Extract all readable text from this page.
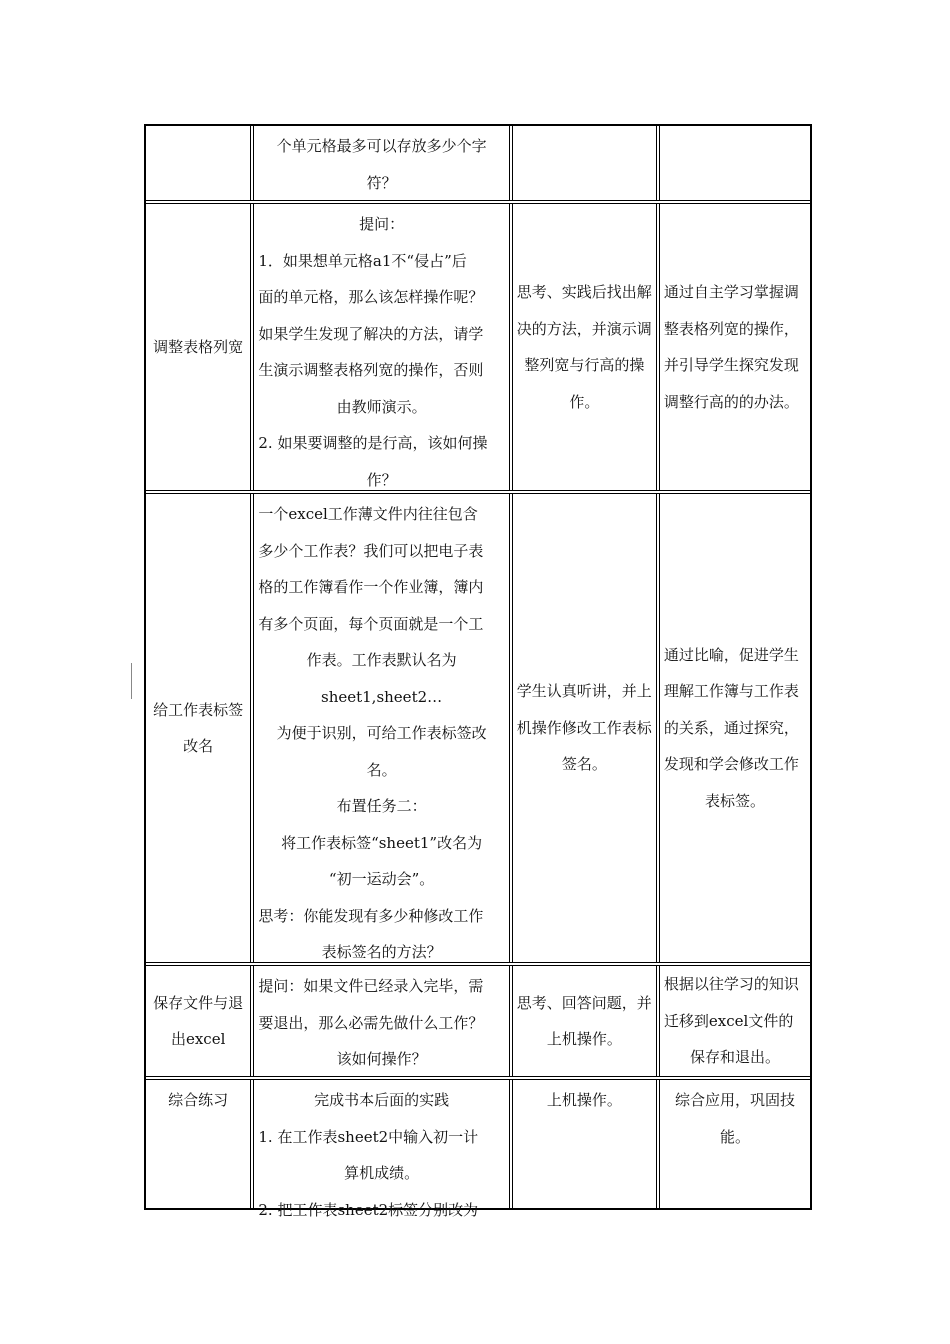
个单元格最多可以存放多少个字
符？
调整表格列宽
提问：
1．如果想单元格a1不“侵占”后
面的单元格，那么该怎样操作呢？
如果学生发现了解决的方法，请学
生演示调整表格列宽的操作，否则
由教师演示。
2. 如果要调整的是行高，该如何操
作？
思考、实践后找出解
决的方法，并演示调
整列宽与行高的操
作。
通过自主学习掌握调
整表格列宽的操作，
并引导学生探究发现
调整行高的的办法。
给工作表标签
改名
一个excel工作薄文件内往往包含
多少个工作表？我们可以把电子表
格的工作簿看作一个作业簿，簿内
有多个页面，每个页面就是一个工
作表。工作表默认名为
sheet1,sheet2…
为便于识别，可给工作表标签改
名。
布置任务二：
将工作表标签“sheet1”改名为
“初一运动会”。
思考：你能发现有多少种修改工作
表标签名的方法？
学生认真听讲，并上
机操作修改工作表标
签名。
通过比喻，促进学生
理解工作簿与工作表
的关系，通过探究，
发现和学会修改工作
表标签。
保存文件与退
出excel
提问：如果文件已经录入完毕，需
要退出，那么必需先做什么工作？
该如何操作？
思考、回答问题，并
上机操作。
根据以往学习的知识
迁移到excel文件的
保存和退出。
综合练习	完成书本后面的实践
1. 在工作表sheet2中输入初一计
算机成绩。
2. 把工作表sheet2标签分别改为
上机操作。	综合应用，巩固技
能。
